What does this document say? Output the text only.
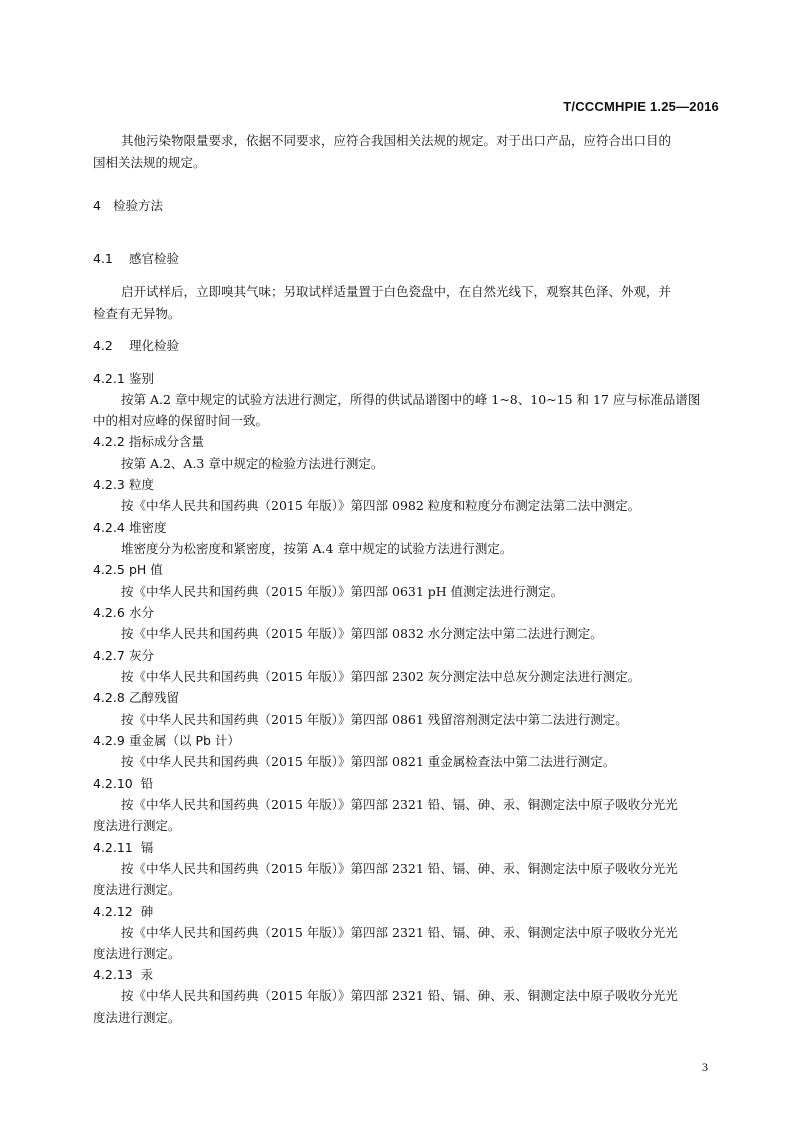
T/CCCMHPIE 1.25—2016
其他污染物限量要求，依据不同要求，应符合我国相关法规的规定。对于出口产品，应符合出口目的
国相关法规的规定。
4 检验方法
4.1 感官检验
启开试样后，立即嗅其气味；另取试样适量置于白色瓷盘中，在自然光线下，观察其色泽、外观，并
检查有无异物。
4.2 理化检验
4.2.1 鉴别
按第 A.2 章中规定的试验方法进行测定，所得的供试品谱图中的峰 1~8、10~15 和 17 应与标准品谱图
中的相对应峰的保留时间一致。
4.2.2 指标成分含量
按第 A.2、A.3 章中规定的检验方法进行测定。
4.2.3 粒度
按《中华人民共和国药典（2015 年版）》第四部 0982 粒度和粒度分布测定法第二法中测定。
4.2.4 堆密度
堆密度分为松密度和紧密度，按第 A.4 章中规定的试验方法进行测定。
4.2.5 pH 值
按《中华人民共和国药典（2015 年版）》第四部 0631 pH 值测定法进行测定。
4.2.6 水分
按《中华人民共和国药典（2015 年版）》第四部 0832 水分测定法中第二法进行测定。
4.2.7 灰分
按《中华人民共和国药典（2015 年版）》第四部 2302 灰分测定法中总灰分测定法进行测定。
4.2.8 乙醇残留
按《中华人民共和国药典（2015 年版）》第四部 0861 残留溶剂测定法中第二法进行测定。
4.2.9 重金属（以 Pb 计）
按《中华人民共和国药典（2015 年版）》第四部 0821 重金属检查法中第二法进行测定。
4.2.10 铅
按《中华人民共和国药典（2015 年版）》第四部 2321 铅、镉、砷、汞、铜测定法中原子吸收分光光
度法进行测定。
4.2.11 镉
按《中华人民共和国药典（2015 年版）》第四部 2321 铅、镉、砷、汞、铜测定法中原子吸收分光光
度法进行测定。
4.2.12 砷
按《中华人民共和国药典（2015 年版）》第四部 2321 铅、镉、砷、汞、铜测定法中原子吸收分光光
度法进行测定。
4.2.13 汞
按《中华人民共和国药典（2015 年版）》第四部 2321 铅、镉、砷、汞、铜测定法中原子吸收分光光
度法进行测定。
3
